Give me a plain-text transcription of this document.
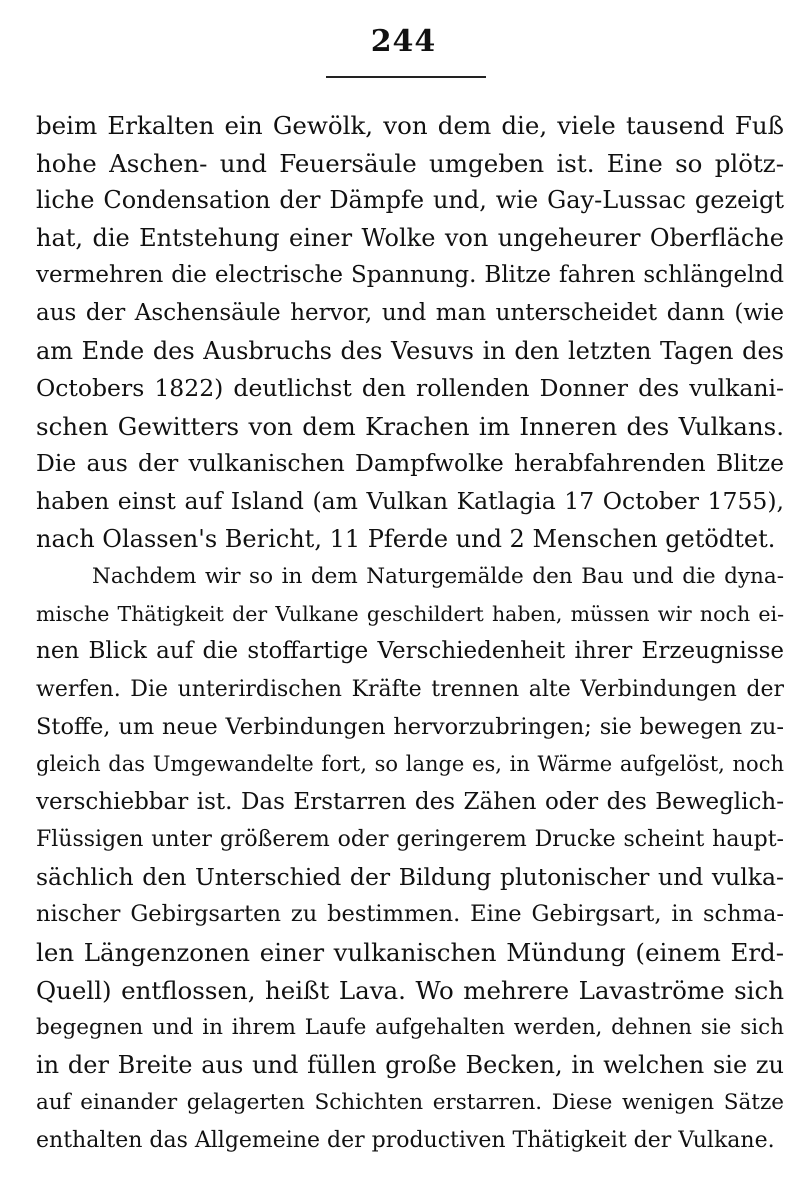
244
beim Erkalten ein Gewölk, von dem die, viele tausend Fuß
hohe Aschen- und Feuersäule umgeben ist. Eine so plötz-
liche Condensation der Dämpfe und, wie Gay-Lussac gezeigt
hat, die Entstehung einer Wolke von ungeheurer Oberfläche
vermehren die electrische Spannung. Blitze fahren schlängelnd
aus der Aschensäule hervor, und man unterscheidet dann (wie
am Ende des Ausbruchs des Vesuvs in den letzten Tagen des
Octobers 1822) deutlichst den rollenden Donner des vulkani-
schen Gewitters von dem Krachen im Inneren des Vulkans.
Die aus der vulkanischen Dampfwolke herabfahrenden Blitze
haben einst auf Island (am Vulkan Katlagia 17 October 1755),
nach Olassen's Bericht, 11 Pferde und 2 Menschen getödtet.
Nachdem wir so in dem Naturgemälde den Bau und die dyna-
mische Thätigkeit der Vulkane geschildert haben, müssen wir noch ei-
nen Blick auf die stoffartige Verschiedenheit ihrer Erzeugnisse
werfen. Die unterirdischen Kräfte trennen alte Verbindungen der
Stoffe, um neue Verbindungen hervorzubringen; sie bewegen zu-
gleich das Umgewandelte fort, so lange es, in Wärme aufgelöst, noch
verschiebbar ist. Das Erstarren des Zähen oder des Beweglich-
Flüssigen unter größerem oder geringerem Drucke scheint haupt-
sächlich den Unterschied der Bildung plutonischer und vulka-
nischer Gebirgsarten zu bestimmen. Eine Gebirgsart, in schma-
len Längenzonen einer vulkanischen Mündung (einem Erd-
Quell) entflossen, heißt Lava. Wo mehrere Lavaströme sich
begegnen und in ihrem Laufe aufgehalten werden, dehnen sie sich
in der Breite aus und füllen große Becken, in welchen sie zu
auf einander gelagerten Schichten erstarren. Diese wenigen Sätze
enthalten das Allgemeine der productiven Thätigkeit der Vulkane.
